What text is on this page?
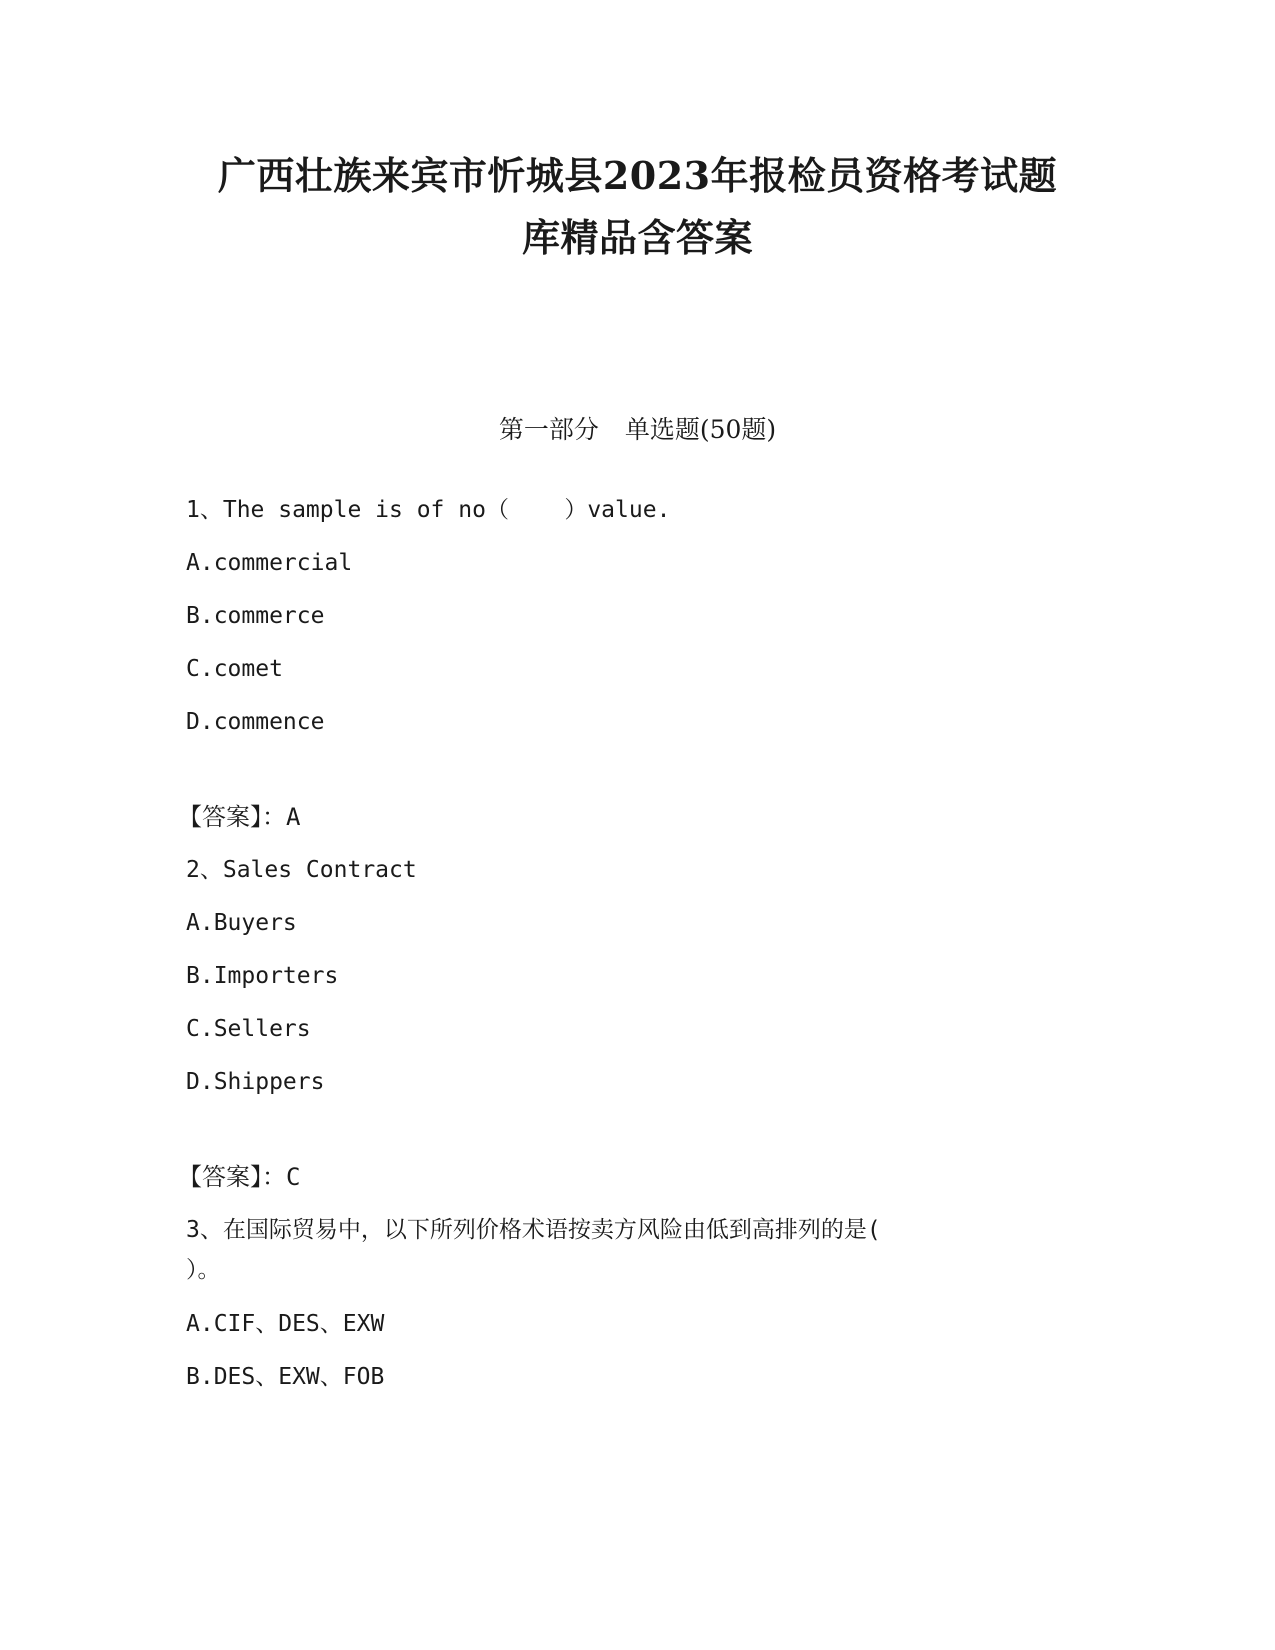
广西壮族来宾市忻城县2023年报检员资格考试题
库精品含答案
第一部分 单选题(50题)
1、The sample is of no（    ）value.
A.commercial
B.commerce
C.comet
D.commence
【答案】：A
2、Sales Contract
A.Buyers
B.Importers
C.Sellers
D.Shippers
【答案】：C
3、在国际贸易中，以下所列价格术语按卖方风险由低到高排列的是(
）。
A.CIF、DES、EXW
B.DES、EXW、FOB
